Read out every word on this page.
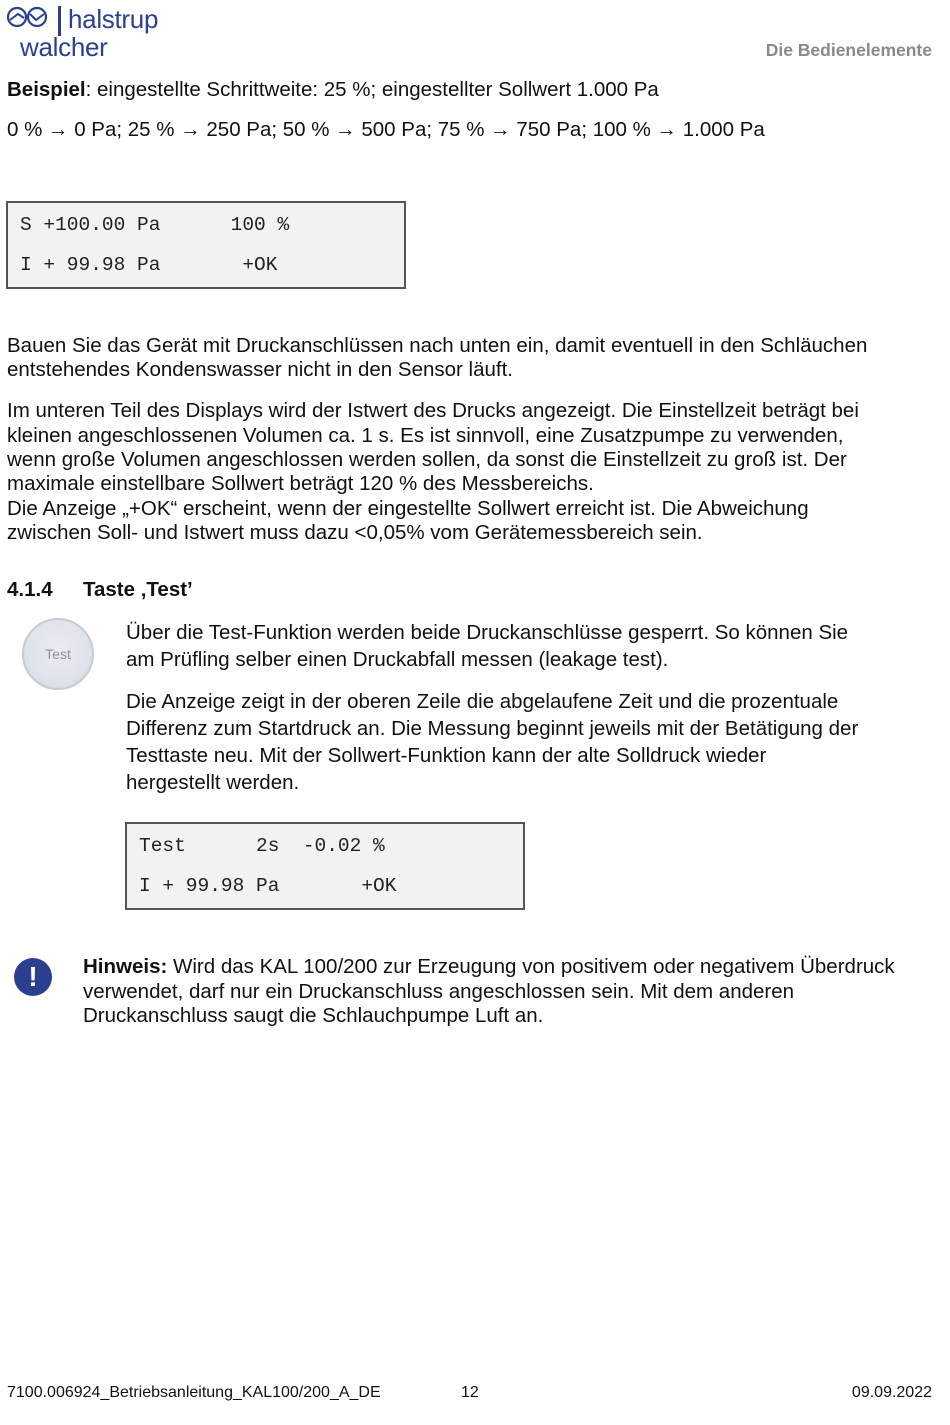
halstrup
walcher	Die Bedienelemente
Beispiel: eingestellte Schrittweite: 25 %; eingestellter Sollwert 1.000 Pa
0 % → 0 Pa; 25 % → 250 Pa; 50 % → 500 Pa; 75 % → 750 Pa; 100 % → 1.000 Pa

S +100.00 Pa      100 %

I + 99.98 Pa       +OK

Bauen Sie das Gerät mit Druckanschlüssen nach unten ein, damit eventuell in den Schläuchen
entstehendes Kondenswasser nicht in den Sensor läuft.
Im unteren Teil des Displays wird der Istwert des Drucks angezeigt. Die Einstellzeit beträgt bei
kleinen angeschlossenen Volumen ca. 1 s. Es ist sinnvoll, eine Zusatzpumpe zu verwenden,
wenn große Volumen angeschlossen werden sollen, da sonst die Einstellzeit zu groß ist. Der
maximale einstellbare Sollwert beträgt 120 % des Messbereichs.
Die Anzeige „+OK“ erscheint, wenn der eingestellte Sollwert erreicht ist. Die Abweichung
zwischen Soll- und Istwert muss dazu <0,05% vom Gerätemessbereich sein.
4.1.4 Taste ‚Test’
Test
Über die Test-Funktion werden beide Druckanschlüsse gesperrt. So können Sie
am Prüfling selber einen Druckabfall messen (leakage test).
Die Anzeige zeigt in der oberen Zeile die abgelaufene Zeit und die prozentuale
Differenz zum Startdruck an. Die Messung beginnt jeweils mit der Betätigung der
Testtaste neu. Mit der Sollwert-Funktion kann der alte Solldruck wieder
hergestellt werden.

Test      2s  -0.02 %

I + 99.98 Pa       +OK

!	Hinweis: Wird das KAL 100/200 zur Erzeugung von positivem oder negativem Überdruck
verwendet, darf nur ein Druckanschluss angeschlossen sein. Mit dem anderen
Druckanschluss saugt die Schlauchpumpe Luft an.
7100.006924_Betriebsanleitung_KAL100/200_A_DE	12	09.09.2022
